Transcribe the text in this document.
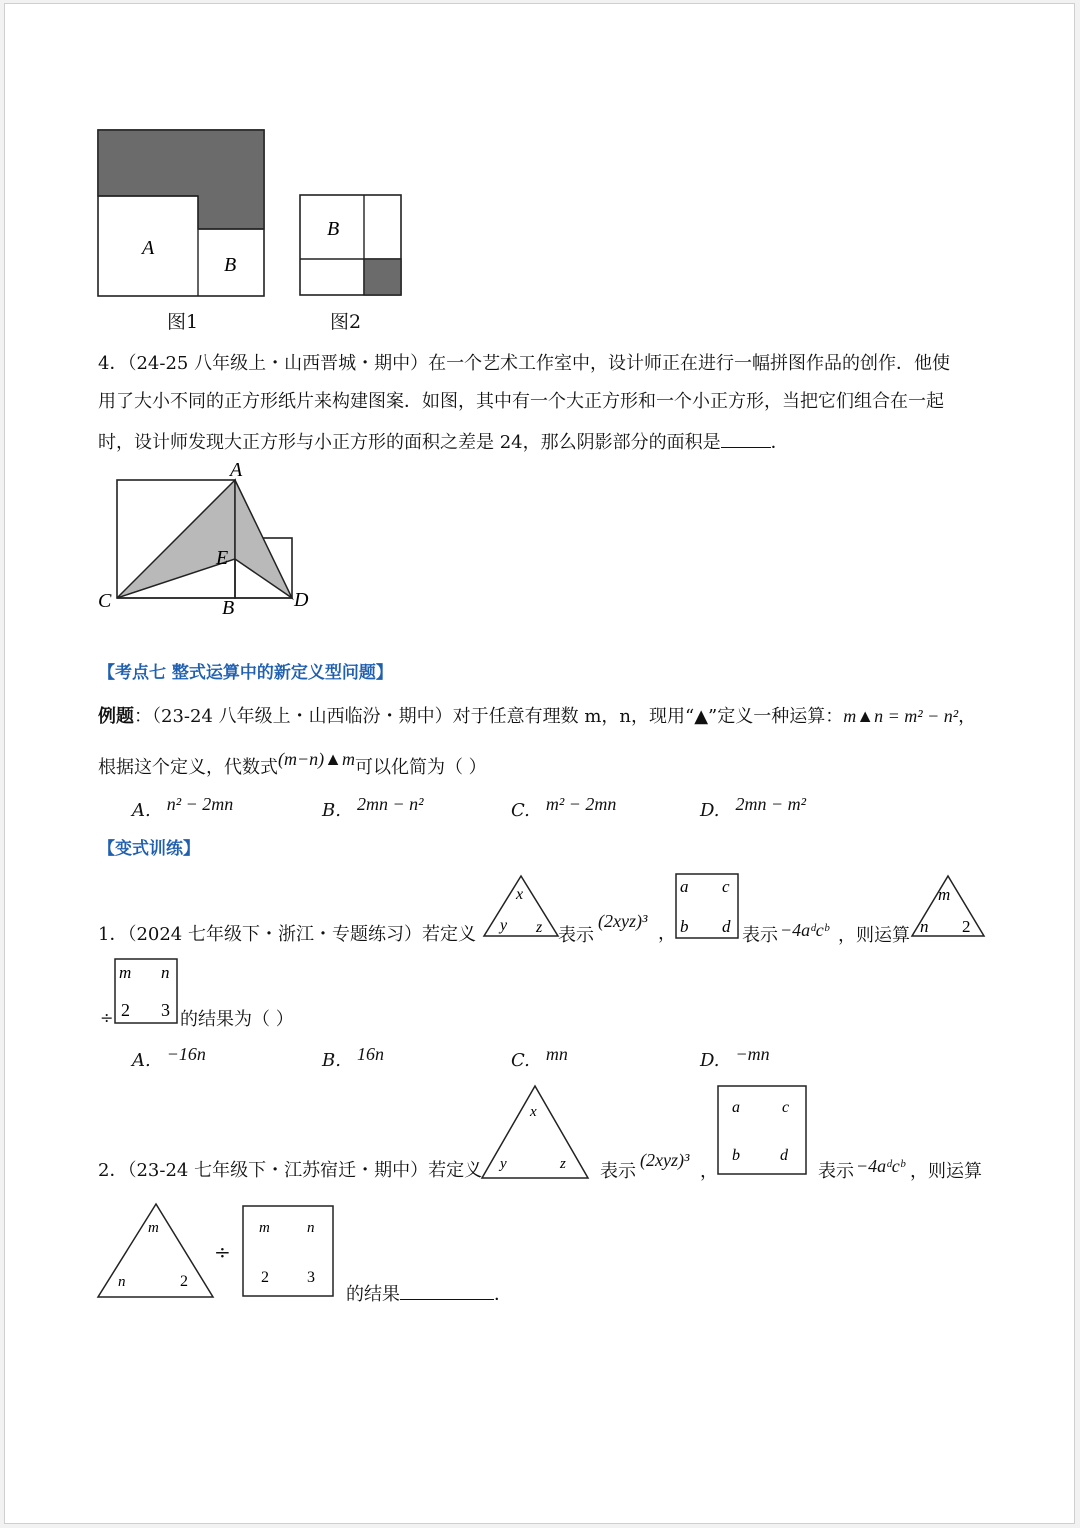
A
B
图1
B
图2
4．（24-25 八年级上・山西晋城・期中）在一个艺术工作室中，设计师正在进行一幅拼图作品的创作．他使
用了大小不同的正方形纸片来构建图案．如图，其中有一个大正方形和一个小正方形，当把它们组合在一起
时，设计师发现大正方形与小正方形的面积之差是 24，那么阴影部分的面积是	．
A
E
C	B	D
【考点七 整式运算中的新定义型问题】
例题：（23-24 八年级上・山西临汾・期中）对于任意有理数 m，n，现用“▲”定义一种运算：m▲n = m² − n²，
根据这个定义，代数式(m−n)▲m可以化简为（ ）
A. n² − 2mn	B. 2mn − n²	C. m² − 2mn	D. 2mn − m²
【变式训练】
1．（2024 七年级下・浙江・专题练习）若定义
x
y z 表示
(2xyz)³
，
a c
b d 表示 −4aᵈcᵇ ，则运算
m
n 2
÷
m n
2 3 的结果为（ ）
A. −16n	B. 16n	C. mn	D. −mn
2．（23-24 七年级下・江苏宿迁・期中）若定义
x
y	z 表示
(2xyz)³
，
a	c
b	d
表示 −4aᵈcᵇ ，则运算
m
n	2
÷
m n
2 3
的结果	．
